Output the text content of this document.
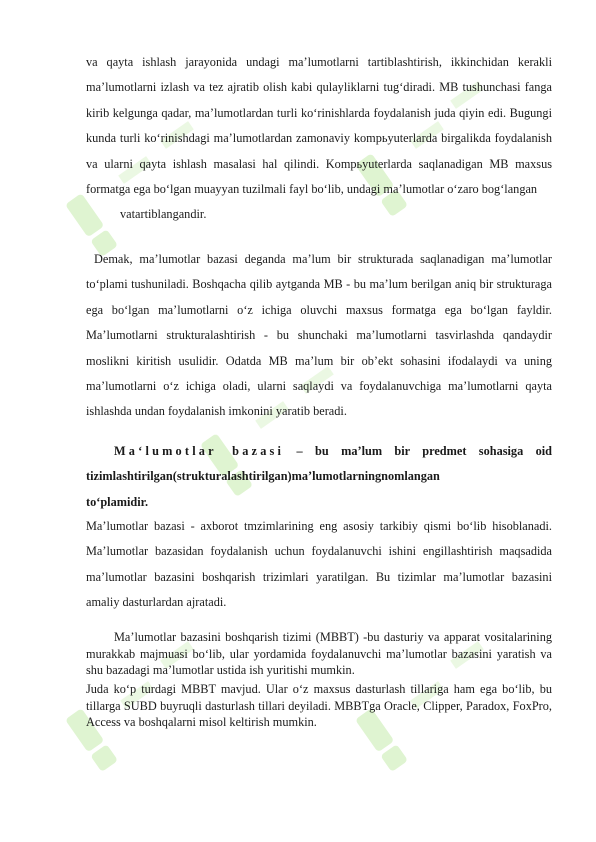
va qayta ishlash jarayonida undagi ma’lumotlarni tartiblashtirish, ikkinchidan kerakli ma’lumotlarni izlash va tez ajratib olish kabi qulayliklarni tug‘diradi. MB tushunchasi fanga kirib kelgunga qadar, ma’lumotlardan turli ko‘rinishlarda foydalanish juda qiyin edi. Bugungi kunda turli ko‘rinishdagi ma’lumotlardan zamonaviy kompьyuterlarda birgalikda foydalanish va ularni qayta ishlash masalasi hal qilindi. Kompьyuterlarda saqlanadigan MB maxsus formatga ega bo‘lgan muayyan tuzilmali fayl bo‘lib, undagi ma’lumotlar o‘zaro bog‘langan

vatartiblangandir.

Demak, ma’lumotlar bazasi deganda ma’lum bir strukturada saqlanadigan ma’lumotlar to‘plami tushuniladi. Boshqacha qilib aytganda MB - bu ma’lum berilgan aniq bir strukturaga ega bo‘lgan ma’lumotlarni o‘z ichiga oluvchi maxsus formatga ega bo‘lgan fayldir. Ma’lumotlarni strukturalashtirish - bu shunchaki ma’lumotlarni tasvirlashda qandaydir moslikni kiritish usulidir. Odatda MB ma’lum bir ob’ekt sohasini ifodalaydi va uning ma’lumotlarni o‘z ichiga oladi, ularni saqlaydi va foydalanuvchiga ma’lumotlarni qayta ishlashda undan foydalanish imkonini yaratib beradi.

Ma‘lumotlar bazasi – bu ma’lum bir predmet sohasiga oid tizimlashtirilgan(strukturalashtirilgan)ma’lumotlarningnomlangan

to‘plamidir.

Ma’lumotlar bazasi - axborot tmzimlarining eng asosiy tarkibiy qismi bo‘lib hisoblanadi. Ma’lumotlar bazasidan foydalanish uchun foydalanuvchi ishini engillashtirish maqsadida ma’lumotlar bazasini boshqarish trizimlari yaratilgan. Bu tizimlar ma’lumotlar bazasini amaliy dasturlardan ajratadi.

Ma’lumotlar bazasini boshqarish tizimi (MBBT) -bu dasturiy va apparat vositalarining murakkab majmuasi bo‘lib, ular yordamida foydalanuvchi ma’lumotlar bazasini yaratish va shu bazadagi ma’lumotlar ustida ish yuritishi mumkin.

Juda ko‘p turdagi MBBT mavjud. Ular o‘z maxsus dasturlash tillariga ham ega bo‘lib, bu tillarga SUBD buyruqli dasturlash tillari deyiladi. MBBTga Oracle, Clipper, Paradox, FoxPro, Access va boshqalarni misol keltirish mumkin.
